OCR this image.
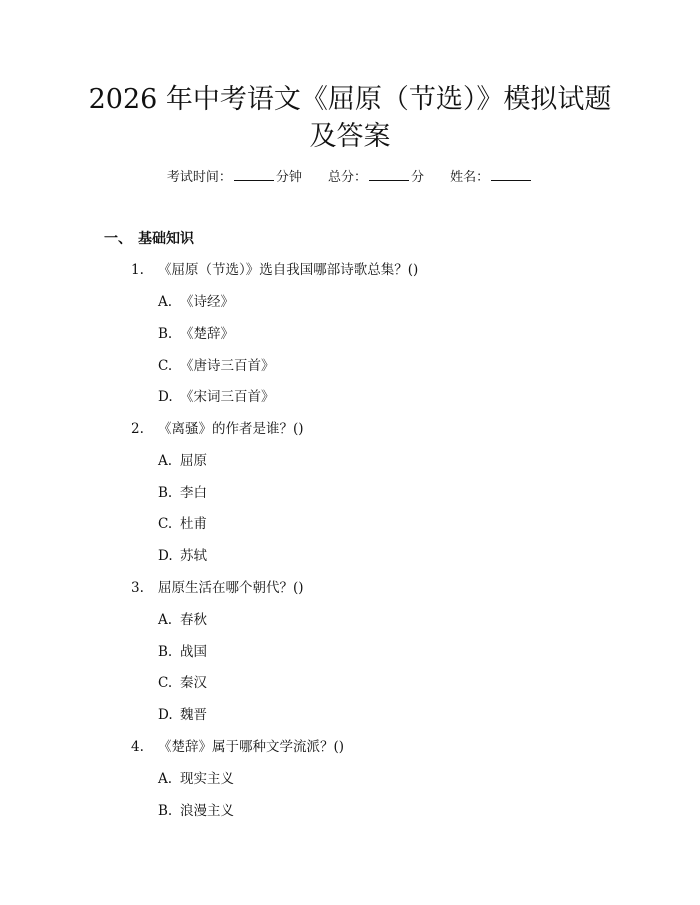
2026 年中考语文《屈原（节选）》模拟试题
及答案
考试时间：	分钟 总分：	分 姓名：
一、 基础知识
1. 《屈原（节选）》选自我国哪部诗歌总集？()
A. 《诗经》
B. 《楚辞》
C. 《唐诗三百首》
D. 《宋词三百首》
2. 《离骚》的作者是谁？()
A. 屈原
B. 李白
C. 杜甫
D. 苏轼
3. 屈原生活在哪个朝代？()
A. 春秋
B. 战国
C. 秦汉
D. 魏晋
4. 《楚辞》属于哪种文学流派？()
A. 现实主义
B. 浪漫主义
